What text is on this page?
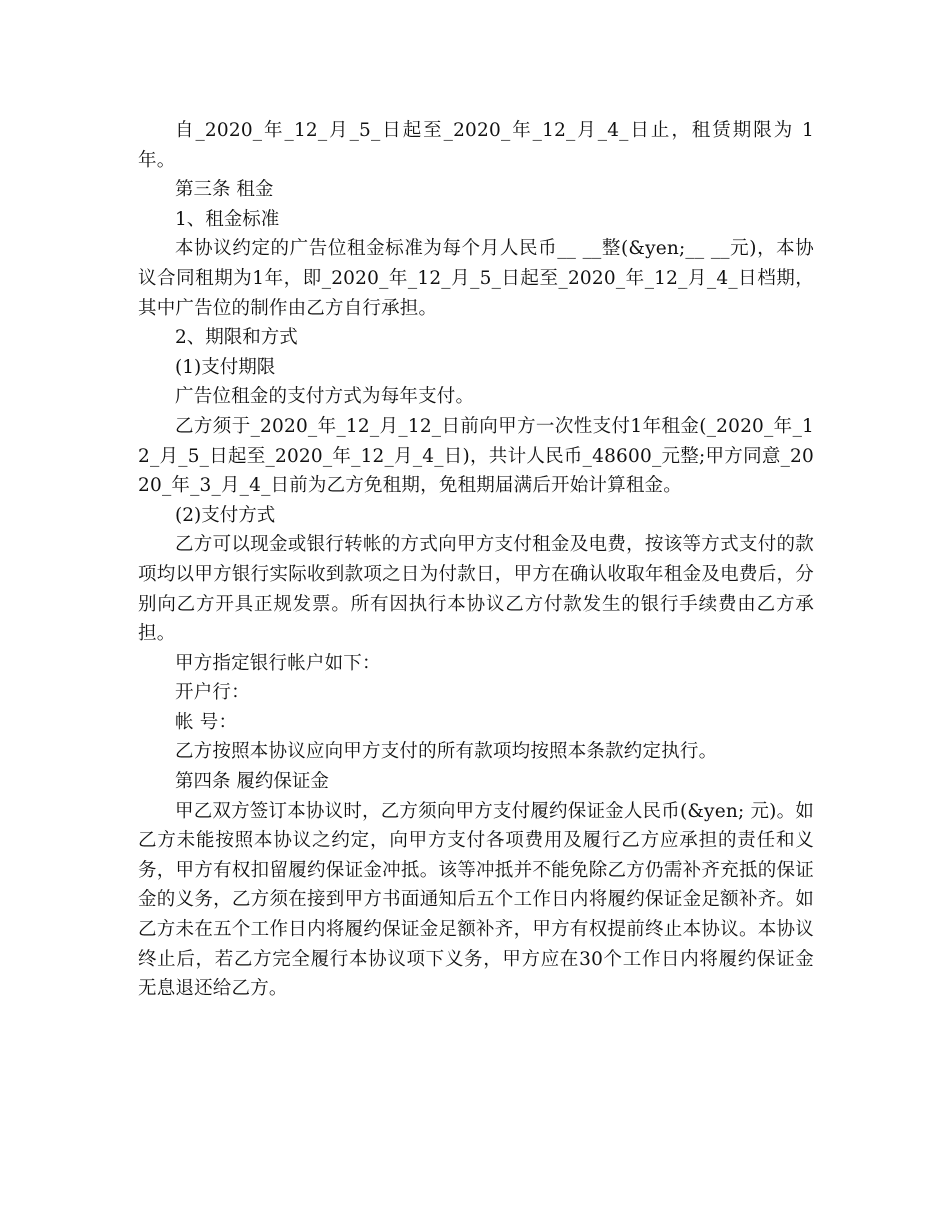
自_2020_年_12_月_5_日起至_2020_年_12_月_4_日止，租赁期限为 1 年。

第三条 租金

1、租金标准

本协议约定的广告位租金标准为每个月人民币__ __整(&yen;__ __元)，本协议合同租期为1年，即_2020_年_12_月_5_日起至_2020_年_12_月_4_日档期，其中广告位的制作由乙方自行承担。

2、期限和方式

(1)支付期限

广告位租金的支付方式为每年支付。

乙方须于_2020_年_12_月_12_日前向甲方一次性支付1年租金(_2020_年_12_月_5_日起至_2020_年_12_月_4_日)，共计人民币_48600_元整;甲方同意_2020_年_3_月_4_日前为乙方免租期，免租期届满后开始计算租金。

(2)支付方式

乙方可以现金或银行转帐的方式向甲方支付租金及电费，按该等方式支付的款项均以甲方银行实际收到款项之日为付款日，甲方在确认收取年租金及电费后，分别向乙方开具正规发票。所有因执行本协议乙方付款发生的银行手续费由乙方承担。

甲方指定银行帐户如下：

开户行：

帐 号：

乙方按照本协议应向甲方支付的所有款项均按照本条款约定执行。

第四条 履约保证金

甲乙双方签订本协议时，乙方须向甲方支付履约保证金人民币(&yen; 元)。如乙方未能按照本协议之约定，向甲方支付各项费用及履行乙方应承担的责任和义务，甲方有权扣留履约保证金冲抵。该等冲抵并不能免除乙方仍需补齐充抵的保证金的义务，乙方须在接到甲方书面通知后五个工作日内将履约保证金足额补齐。如乙方未在五个工作日内将履约保证金足额补齐，甲方有权提前终止本协议。本协议终止后，若乙方完全履行本协议项下义务，甲方应在30个工作日内将履约保证金无息退还给乙方。
